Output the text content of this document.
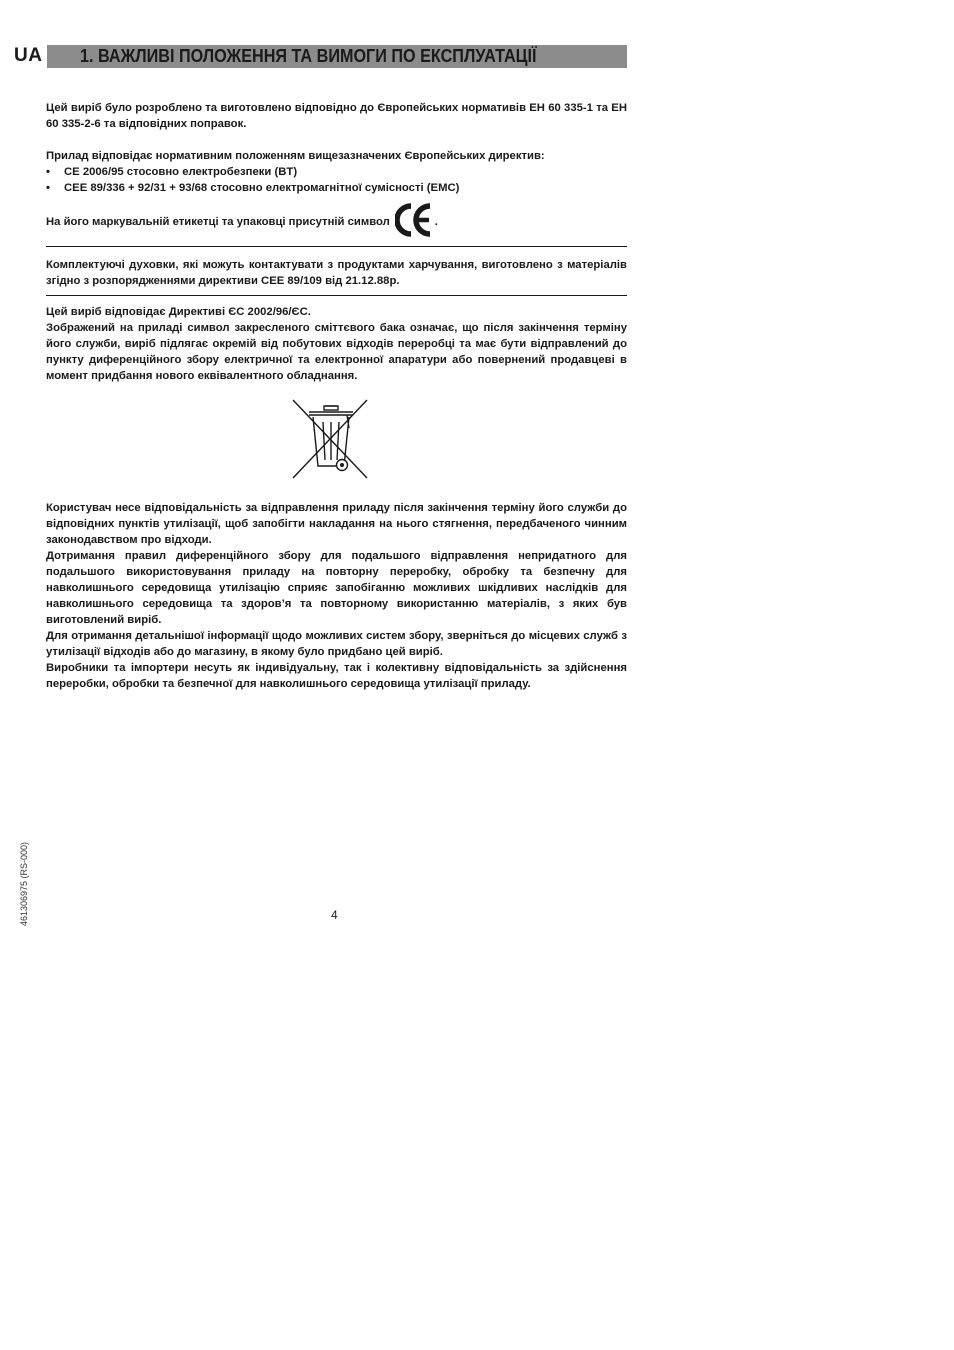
UA 1. ВАЖЛИВІ ПОЛОЖЕННЯ ТА ВИМОГИ ПО ЕКСПЛУАТАЦІЇ

Цей виріб було розроблено та виготовлено відповідно до Європейських нормативів ЕН 60 335-1 та ЕН 60 335-2-6 та відповідних поправок.

Прилад відповідає нормативним положенням вищезазначених Європейських директив:

•	CE 2006/95 стосовно електробезпеки (BT)
•	CEE 89/336 + 92/31 + 93/68 стосовно електромагнітної сумісності (EMC)
На його маркувальній етикетці та упаковці присутній символ	.

Комплектуючі духовки, які можуть контактувати з продуктами харчування, виготовлено з матеріалів згідно з розпорядженнями директиви CEE 89/109 від 21.12.88р.

Цей виріб відповідає Директиві ЄС 2002/96/ЄС.

Зображений на приладі символ закресленого сміттєвого бака означає, що після закінчення терміну його служби, виріб підлягає окремій від побутових відходів переробці та має бути відправлений до пункту диференційного збору електричної та електронної апаратури або повернений продавцеві в момент придбання нового еквівалентного обладнання.

Користувач несе відповідальність за відправлення приладу після закінчення терміну його служби до відповідних пунктів утилізації, щоб запобігти накладання на нього стягнення, передбаченого чинним законодавством про відходи.

Дотримання правил диференційного збору для подальшого відправлення непридатного для подальшого використовування приладу на повторну переробку, обробку та безпечну для навколишнього середовища утилізацію сприяє запобіганню можливих шкідливих наслідків для навколишнього середовища та здоров’я та повторному використанню матеріалів, з яких був виготовлений виріб.

Для отримання детальнішої інформації щодо можливих систем збору, зверніться до місцевих служб з утилізації відходів або до магазину, в якому було придбано цей виріб.

Виробники та імпортери несуть як індивідуальну, так і колективну відповідальність за здійснення переробки, обробки та безпечної для навколишнього середовища утилізації приладу.

461306975 (RS-000)	4
